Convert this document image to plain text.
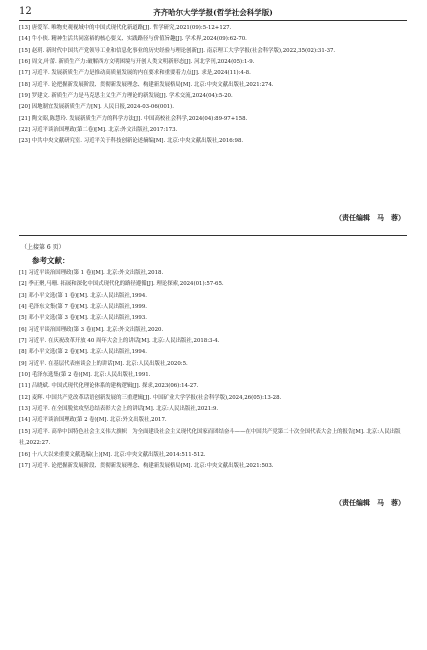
12	齐齐哈尔大学学报(哲学社会科学版)
[13] 唐爱军. 唯物史观视域中的中国式现代化新道路[J]. 哲学研究,2021(09):5-12+127.
[14] 牛小侠. 精神生活共同富裕的核心要义、实践路径与价值旨趣[J]. 学术界,2024(09):62-70.
[15] 赵玥. 新时代中国共产党领导工业和信息化事业的历史经验与理论创新[J]. 南京理工大学学报(社会科学版),2022,35(02):31-37.
[16] 周文,叶蕾. 新质生产力:破解西方文明困境与开创人类文明新形态[J]. 河北学刊,2024(05):1-9.
[17] 习近平. 发展新质生产力是推动高质量发展的内在要求和重要着力点[J]. 求是,2024(11):4-8.
[18] 习近平. 论把握新发展阶段、贯彻新发展理念、构建新发展格局[M]. 北京:中央文献出版社,2021:274.
[19] 罗建文. 新质生产力是马克思主义生产力理论的新发展[J]. 学术交流,2024(04):5-20.
[20] 因地制宜发展新质生产力[N]. 人民日报,2024-03-06(001).
[21] 陶文昭,陈慧玲. 发展新质生产力的科学方法[J]. 中国高校社会科学,2024(04):89-97+158.
[22] 习近平谈治国理政(第二卷)[M]. 北京:外文出版社,2017:173.
[23] 中共中央文献研究室. 习近平关于科技创新论述摘编[M]. 北京:中央文献出版社,2016:98.
（责任编辑　马　蓉）
（上接第 6 页）
参考文献：
[1] 习近平谈治国理政(第 1 卷)[M]. 北京:外文出版社,2018.
[2] 季正聚,马珊. 拓展和深化中国式现代化的路径遵循[J]. 理论探索,2024(01):57-65.
[3] 邓小平文选(第 1 卷)[M]. 北京:人民出版社,1994.
[4] 毛泽东文集(第 7 卷)[M]. 北京:人民出版社,1999.
[5] 邓小平文选(第 3 卷)[M]. 北京:人民出版社,1993.
[6] 习近平谈治国理政(第 3 卷)[M]. 北京:外文出版社,2020.
[7] 习近平. 在庆祝改革开放 40 周年大会上的讲话[M]. 北京:人民出版社,2018:3-4.
[8] 邓小平文选(第 2 卷)[M]. 北京:人民出版社,1994.
[9] 习近平. 在基层代表座谈会上的讲话[M]. 北京:人民出版社,2020:5.
[10] 毛泽东选集(第 2 卷)[M]. 北京:人民出版社,1991.
[11] 吕晓斌. 中国式现代化理论体系的建构逻辑[J]. 探求,2023(06):14-27.
[12] 麦辉. 中国共产党改革话语创新发展的三重逻辑[J]. 中国矿业大学学报(社会科学版),2024,26(05):13-28.
[13] 习近平. 在全国脱贫攻坚总结表彰大会上的讲话[M]. 北京:人民出版社,2021:9.
[14] 习近平谈治国理政(第 2 卷)[M]. 北京:外文出版社,2017.
[15] 习近平. 高举中国特色社会主义伟大旗帜　为全面建设社会主义现代化国家而团结奋斗——在中国共产党第二十次全国代表大会上的报告[M]. 北京:人民出版社,2022:27.
[16] 十八大以来重要文献选编(上)[M]. 北京:中央文献出版社,2014:511-512.
[17] 习近平. 论把握新发展阶段、贯彻新发展理念、构建新发展格局[M]. 北京:中央文献出版社,2021:503.
（责任编辑　马　蓉）
